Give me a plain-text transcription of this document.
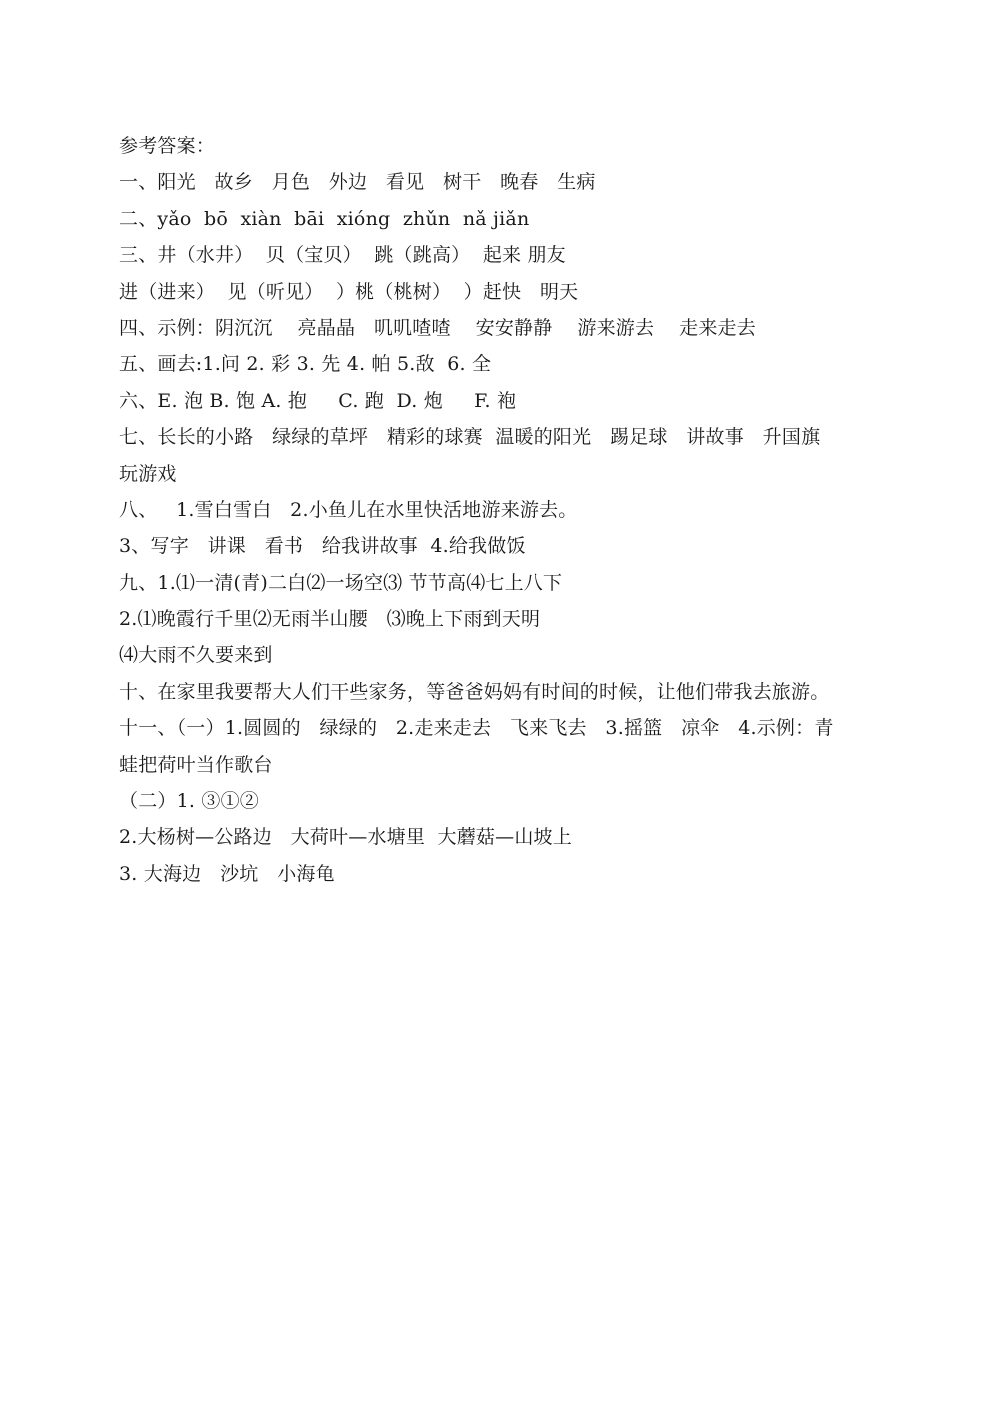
参考答案：
一、阳光   故乡   月色   外边   看见   树干   晚春   生病
二、yǎo  bō  xiàn  bāi  xióng  zhǔn  nǎ jiǎn
三、井（水井）  贝（宝贝）  跳（跳高）  起来 朋友
进（进来）  见（听见）  ）桃（桃树）  ）赶快   明天
四、示例：阴沉沉    亮晶晶   叽叽喳喳    安安静静    游来游去    走来走去
五、画去:1.问 2. 彩 3. 先 4. 帕 5.敌  6. 全
六、E. 泡 B. 饱 A. 抱     C. 跑  D. 炮     F. 袍
七、长长的小路   绿绿的草坪   精彩的球赛  温暖的阳光   踢足球   讲故事   升国旗
玩游戏
八、   1.雪白雪白   2.小鱼儿在水里快活地游来游去。
3、写字   讲课   看书   给我讲故事  4.给我做饭
九、1.⑴一清(青)二白⑵一场空⑶ 节节高⑷七上八下
2.⑴晚霞行千里⑵无雨半山腰   ⑶晚上下雨到天明
⑷大雨不久要来到
十、在家里我要帮大人们干些家务，等爸爸妈妈有时间的时候，让他们带我去旅游。
十一、（一）1.圆圆的   绿绿的   2.走来走去   飞来飞去   3.摇篮   凉伞   4.示例：青
蛙把荷叶当作歌台
（二）1. ③①②
2.大杨树—公路边   大荷叶—水塘里  大蘑菇—山坡上
3. 大海边   沙坑   小海龟
